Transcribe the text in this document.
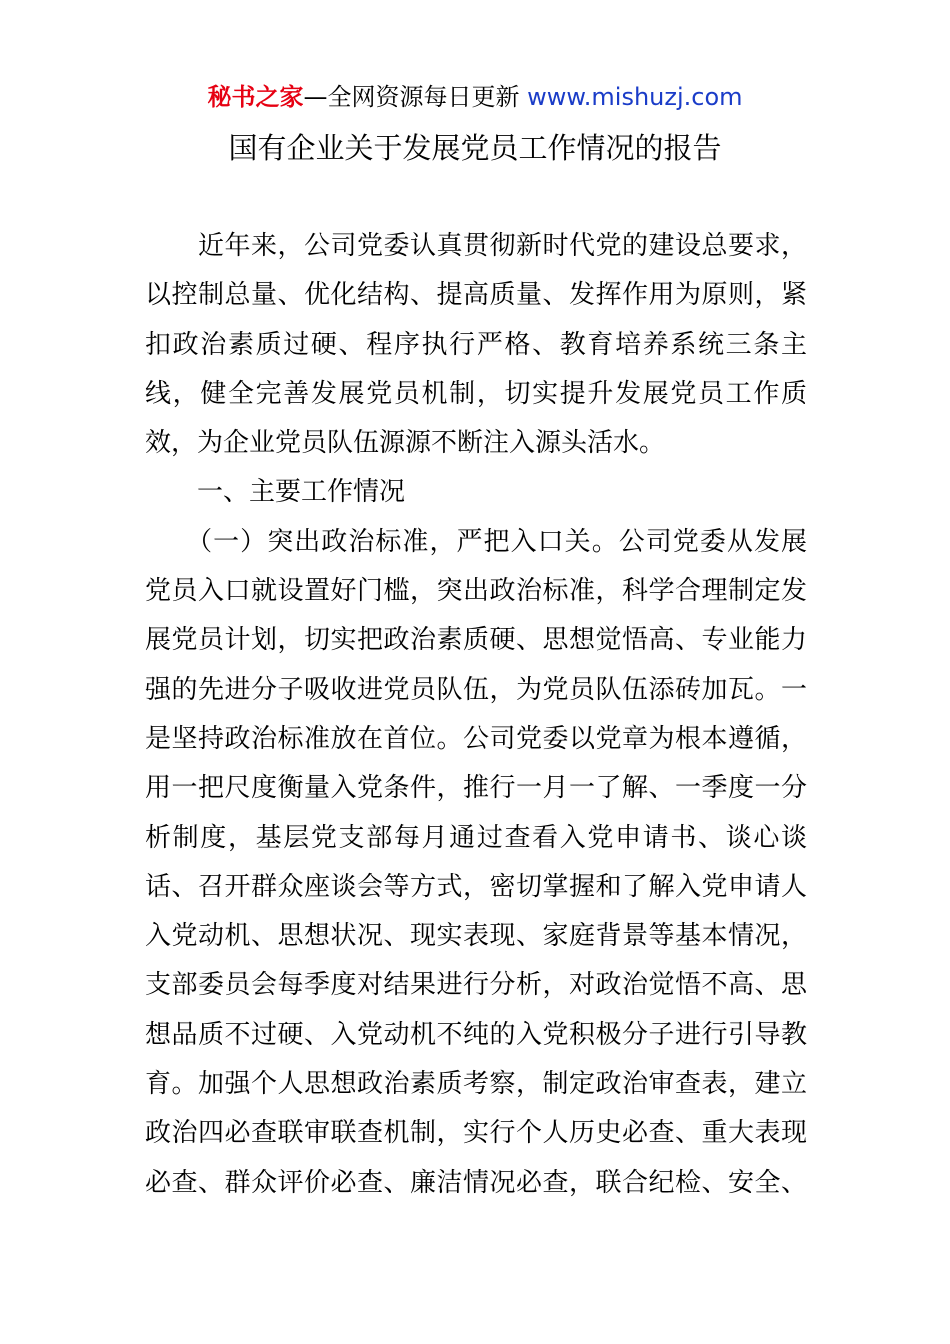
秘书之家—全网资源每日更新 www.mishuzj.com
国有企业关于发展党员工作情况的报告
　　近年来，公司党委认真贯彻新时代党的建设总要求，
以控制总量、优化结构、提高质量、发挥作用为原则，紧
扣政治素质过硬、程序执行严格、教育培养系统三条主
线，健全完善发展党员机制，切实提升发展党员工作质
效，为企业党员队伍源源不断注入源头活水。
　　一、主要工作情况
　　（一）突出政治标准，严把入口关。公司党委从发展
党员入口就设置好门槛，突出政治标准，科学合理制定发
展党员计划，切实把政治素质硬、思想觉悟高、专业能力
强的先进分子吸收进党员队伍，为党员队伍添砖加瓦。一
是坚持政治标准放在首位。公司党委以党章为根本遵循，
用一把尺度衡量入党条件，推行一月一了解、一季度一分
析制度，基层党支部每月通过查看入党申请书、谈心谈
话、召开群众座谈会等方式，密切掌握和了解入党申请人
入党动机、思想状况、现实表现、家庭背景等基本情况，
支部委员会每季度对结果进行分析，对政治觉悟不高、思
想品质不过硬、入党动机不纯的入党积极分子进行引导教
育。加强个人思想政治素质考察，制定政治审查表，建立
政治四必查联审联查机制，实行个人历史必查、重大表现
必查、群众评价必查、廉洁情况必查，联合纪检、安全、
